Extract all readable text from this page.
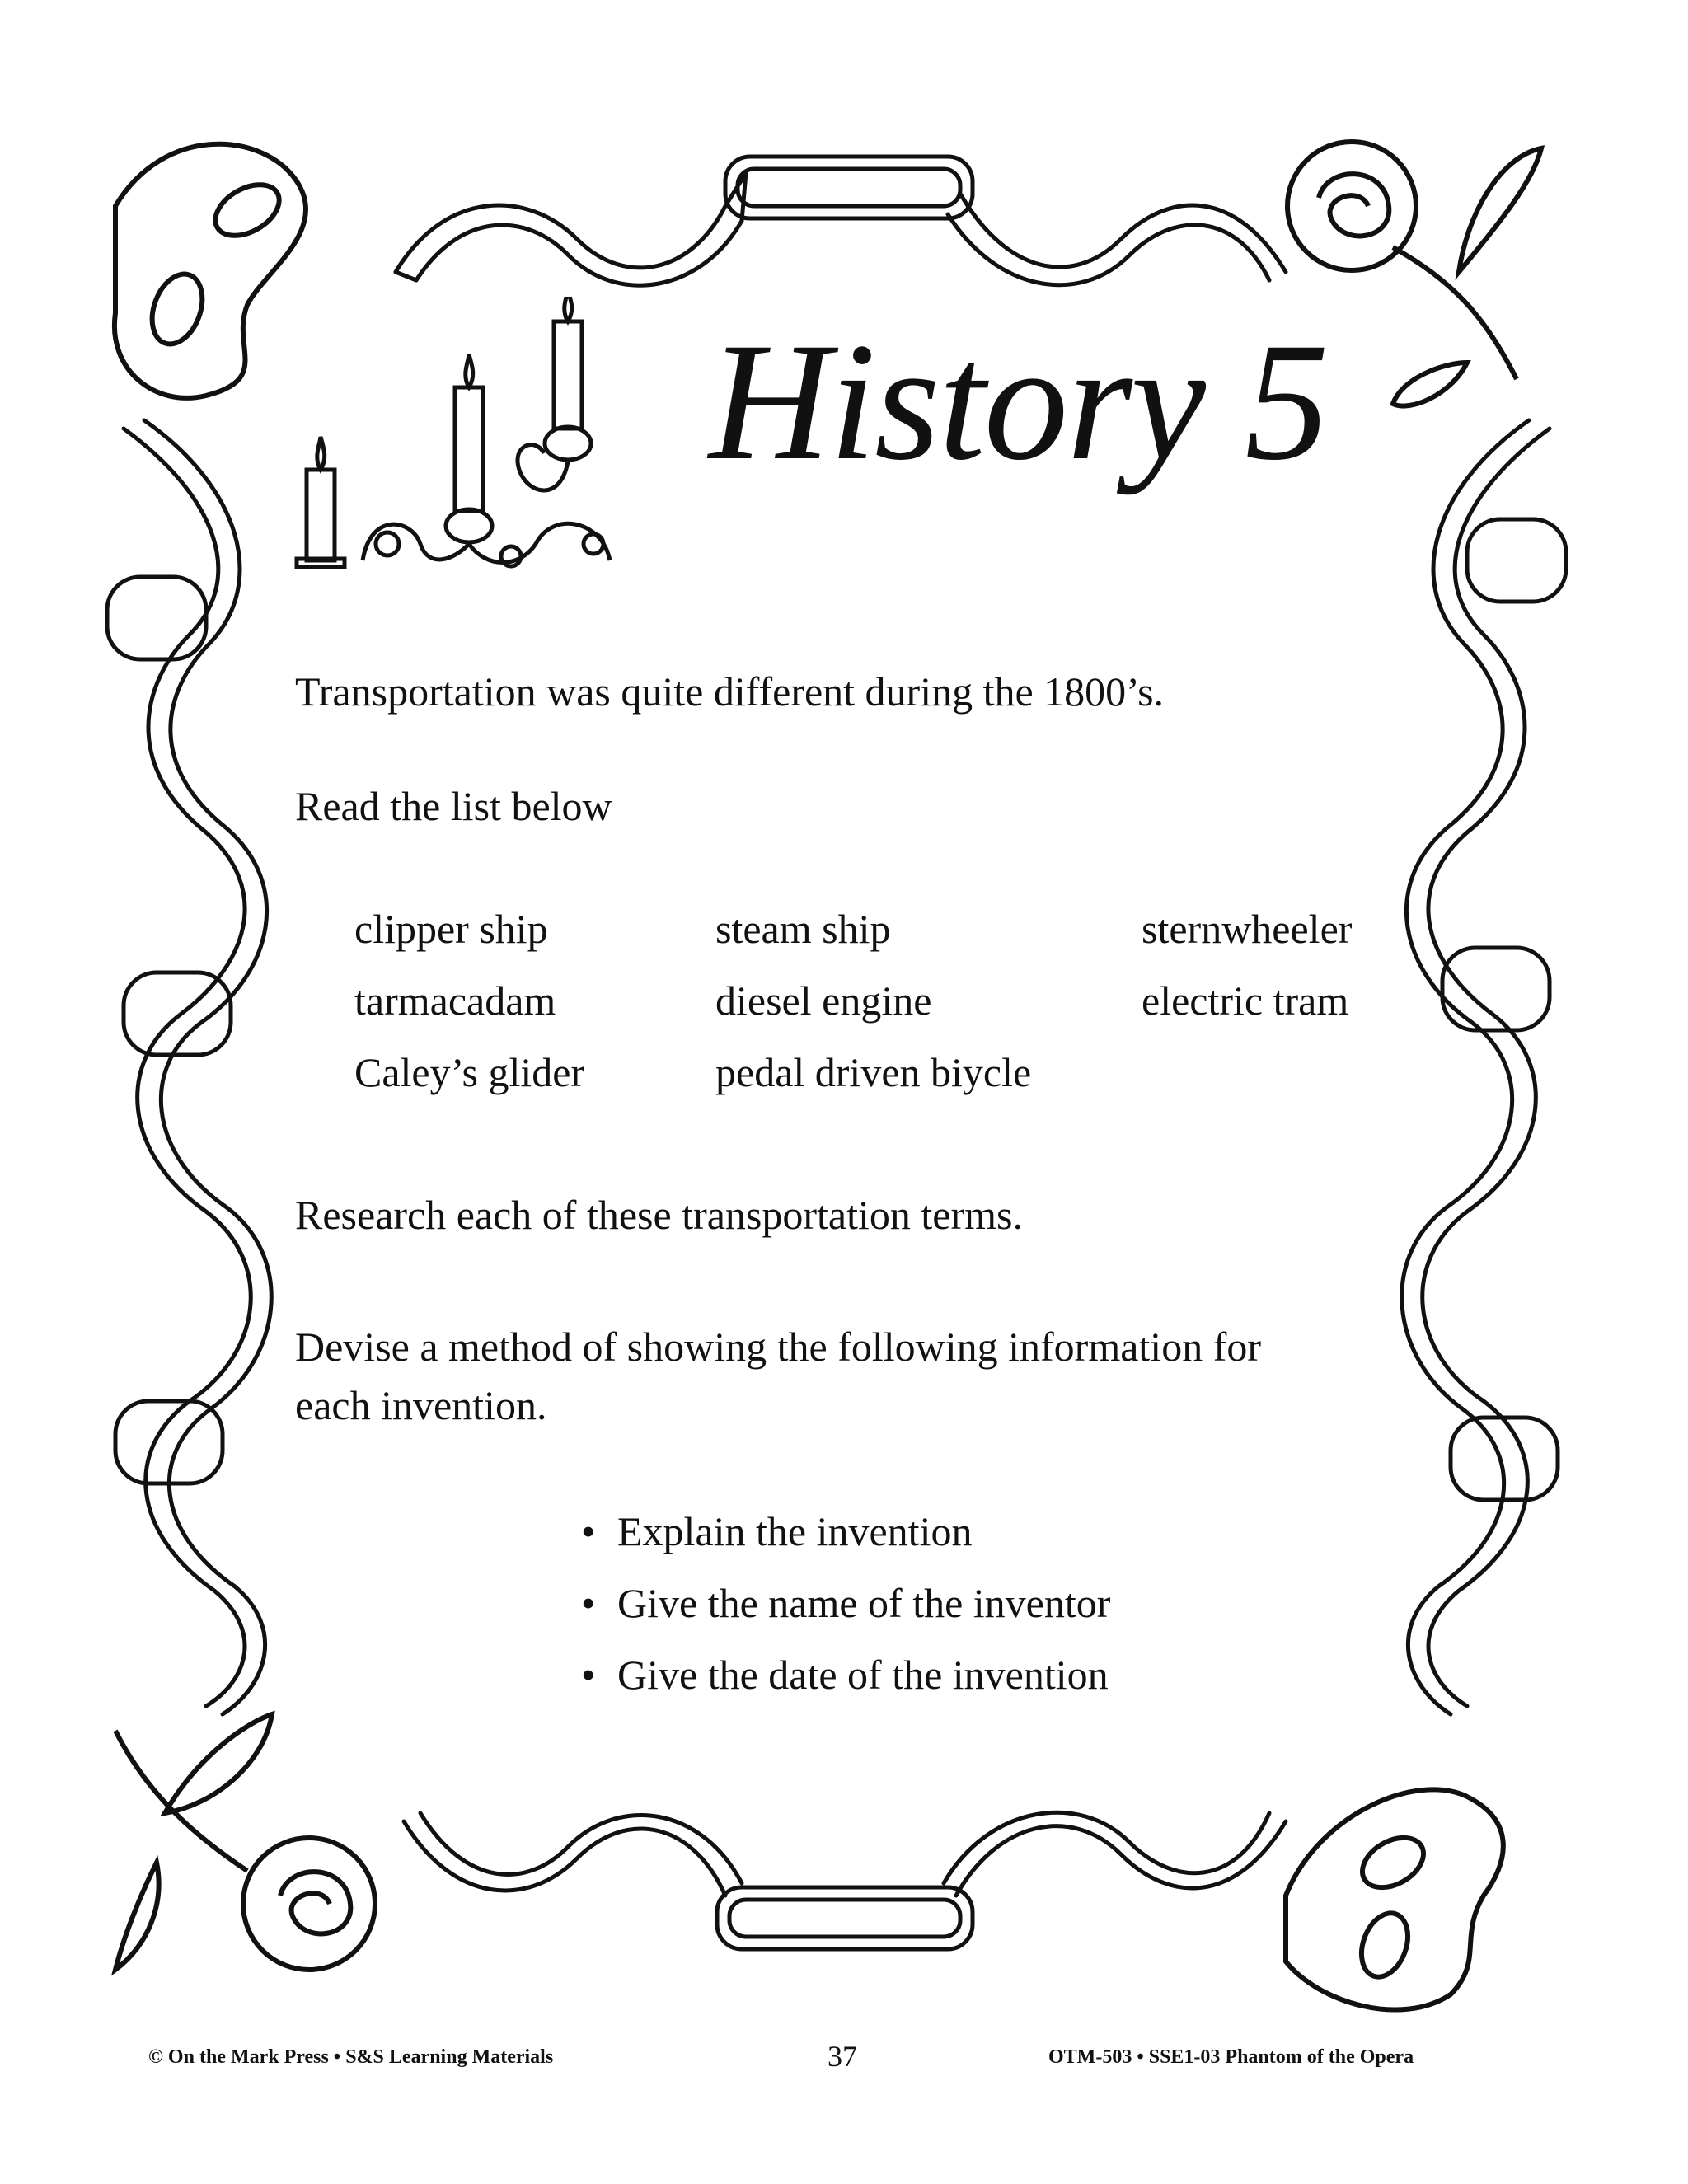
History 5
Transportation was quite different during the 1800’s.
Read the list below
clipper ship
tarmacadam
Caley’s glider
steam ship
diesel engine
pedal driven biycle
sternwheeler
electric tram
Research each of these transportation terms.
Devise a method of showing the following information for
each invention.
• Explain the invention
• Give the name of the inventor
• Give the date of the invention
© On the Mark Press • S&S Learning Materials	37	OTM-503 • SSE1-03 Phantom of the Opera
